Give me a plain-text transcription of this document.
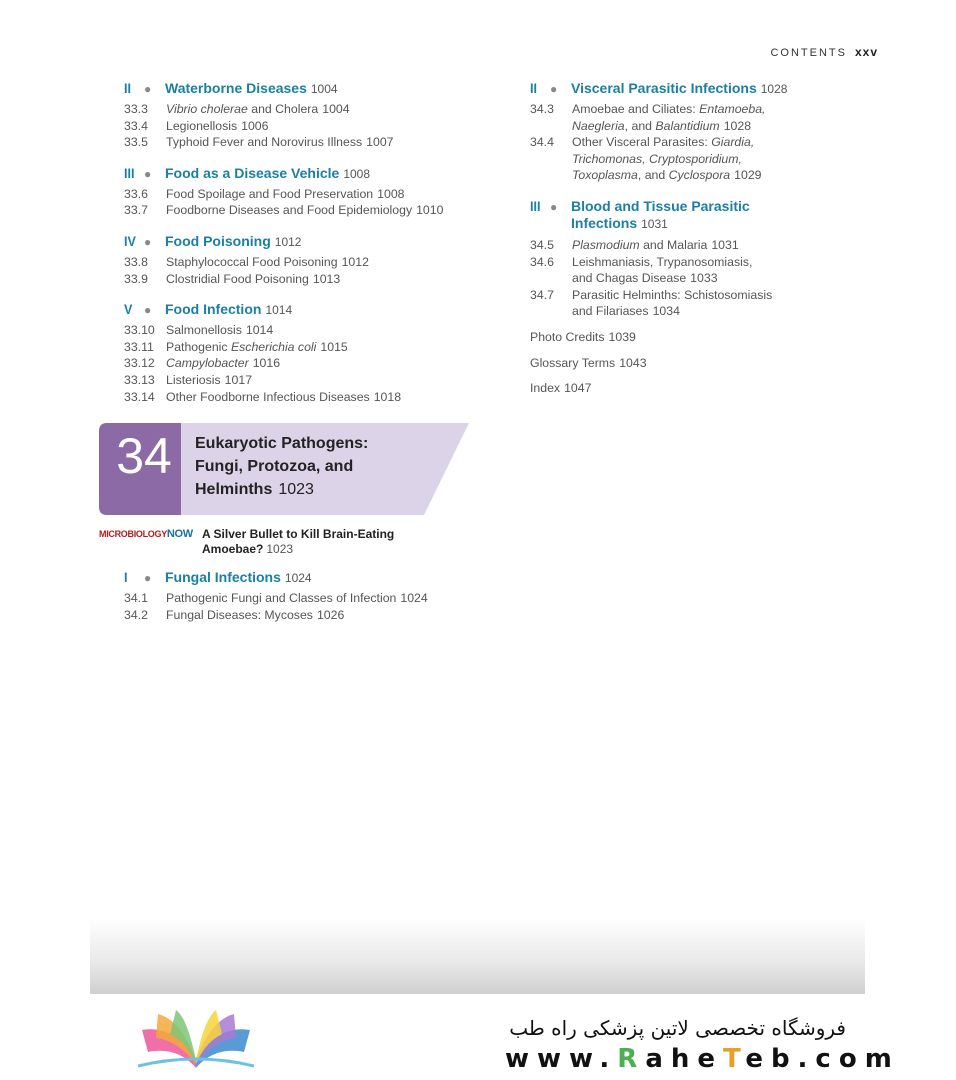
CONTENTS xxv
II	● Waterborne Diseases 1004
33.3	Vibrio cholerae and Cholera 1004
33.4	Legionellosis 1006
33.5	Typhoid Fever and Norovirus Illness 1007
III ● Food as a Disease Vehicle 1008
33.6	Food Spoilage and Food Preservation 1008
33.7	Foodborne Diseases and Food Epidemiology 1010
IV ● Food Poisoning 1012
33.8	Staphylococcal Food Poisoning 1012
33.9	Clostridial Food Poisoning 1013
V ● Food Infection 1014
33.10 Salmonellosis 1014
33.11 Pathogenic Escherichia coli 1015
33.12 Campylobacter 1016
33.13 Listeriosis 1017
33.14 Other Foodborne Infectious Diseases 1018
34	Eukaryotic Pathogens:
Fungi, Protozoa, and
Helminths 1023
MICROBIOLOGYNOW A Silver Bullet to Kill Brain-Eating
Amoebae? 1023
I	● Fungal Infections 1024
34.1	Pathogenic Fungi and Classes of Infection 1024
34.2	Fungal Diseases: Mycoses 1026
II	● Visceral Parasitic Infections 1028
34.3	Amoebae and Ciliates: Entamoeba,
Naegleria, and Balantidium 1028
34.4	Other Visceral Parasites: Giardia,
Trichomonas, Cryptosporidium,
Toxoplasma, and Cyclospora 1029
III ● Blood and Tissue Parasitic
Infections 1031
34.5	Plasmodium and Malaria 1031
34.6	Leishmaniasis, Trypanosomiasis,
and Chagas Disease 1033
34.7	Parasitic Helminths: Schistosomiasis
and Filariases 1034
Photo Credits 1039
Glossary Terms 1043
Index 1047
فروشگاه تخصصی لاتین پزشکی راه طب
www.RaheTeb.com
